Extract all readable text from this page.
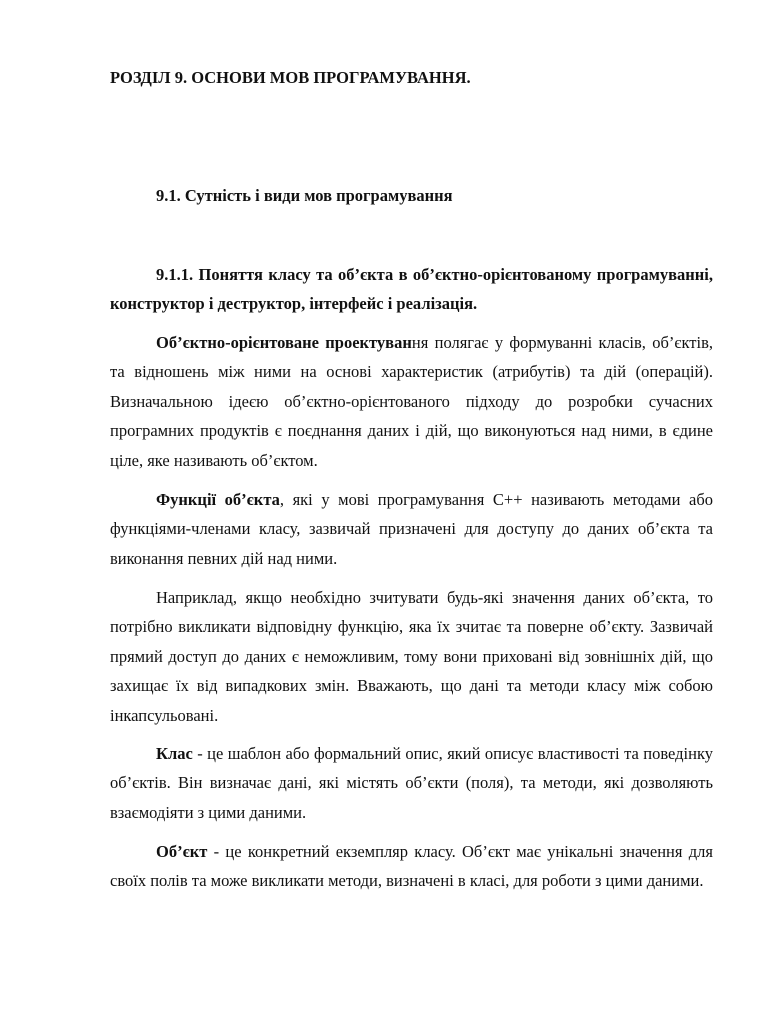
РОЗДІЛ 9. ОСНОВИ МОВ ПРОГРАМУВАННЯ.
9.1. Сутність і види мов програмування

9.1.1. Поняття класу та об’єкта в об’єктно-орієнтованому програмуванні, конструктор і деструктор, інтерфейс і реалізація.

Об’єктно-орієнтоване проектування полягає у формуванні класів, об’єктів, та відношень між ними на основі характеристик (атрибутів) та дій (операцій). Визначальною ідеєю об’єктно-орієнтованого підходу до розробки сучасних програмних продуктів є поєднання даних і дій, що виконуються над ними, в єдине ціле, яке називають об’єктом.

Функції об’єкта, які у мові програмування С++ називають методами або функціями-членами класу, зазвичай призначені для доступу до даних об’єкта та виконання певних дій над ними.

Наприклад, якщо необхідно зчитувати будь-які значення даних об’єкта, то потрібно викликати відповідну функцію, яка їх зчитає та поверне об’єкту. Зазвичай прямий доступ до даних є неможливим, тому вони приховані від зовнішніх дій, що захищає їх від випадкових змін. Вважають, що дані та методи класу між собою інкапсульовані.

Клас - це шаблон або формальний опис, який описує властивості та поведінку об’єктів. Він визначає дані, які містять об’єкти (поля), та методи, які дозволяють взаємодіяти з цими даними.

Об’єкт - це конкретний екземпляр класу. Об’єкт має унікальні значення для своїх полів та може викликати методи, визначені в класі, для роботи з цими даними.
